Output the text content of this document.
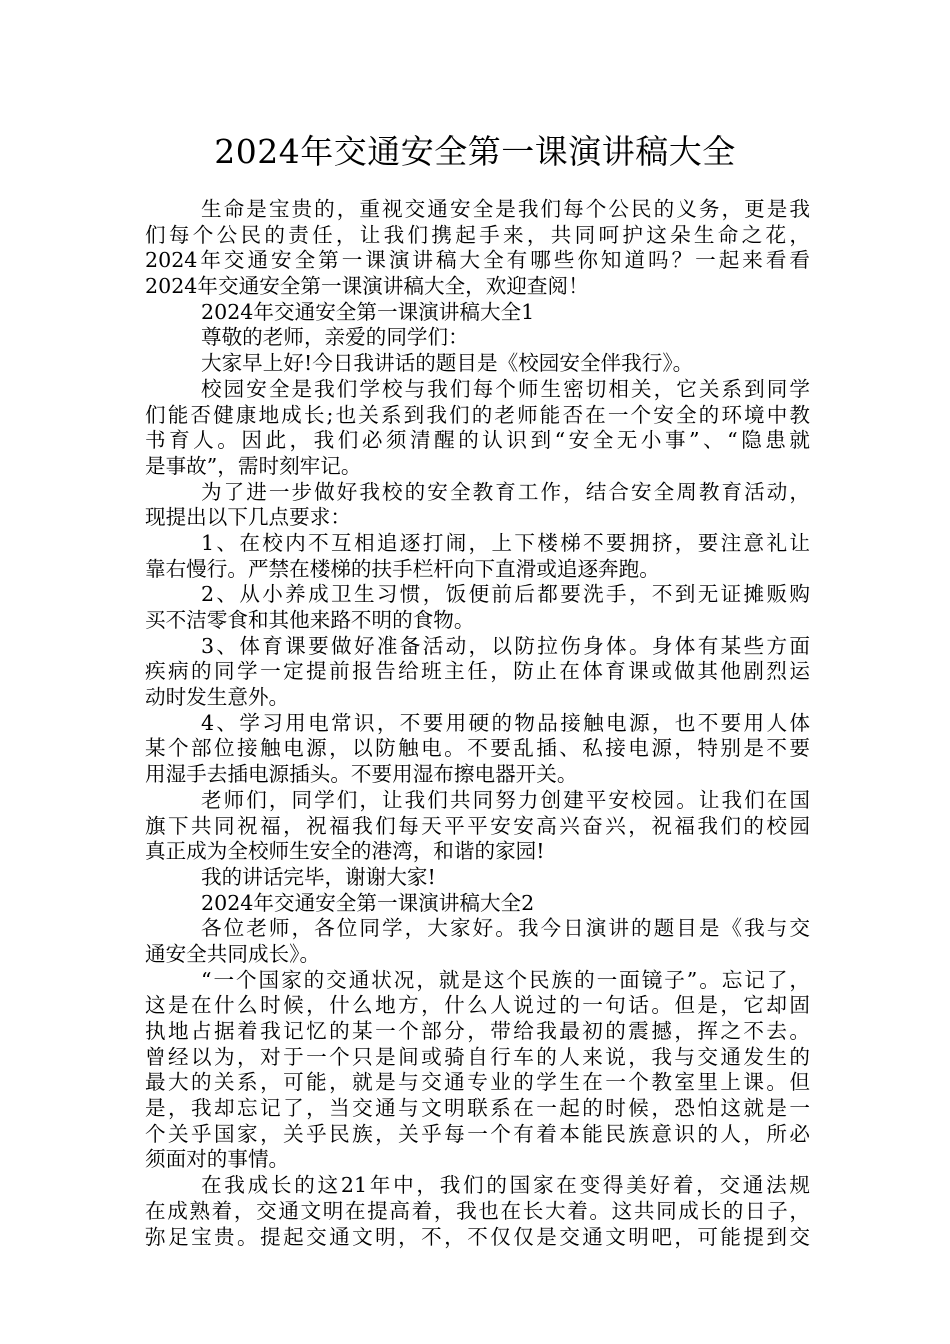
2024年交通安全第一课演讲稿大全
生命是宝贵的，重视交通安全是我们每个公民的义务，更是我
们每个公民的责任，让我们携起手来，共同呵护这朵生命之花，
2024年交通安全第一课演讲稿大全有哪些你知道吗？一起来看看
2024年交通安全第一课演讲稿大全，欢迎查阅！
2024年交通安全第一课演讲稿大全1
尊敬的老师，亲爱的同学们：
大家早上好!今日我讲话的题目是《校园安全伴我行》。
校园安全是我们学校与我们每个师生密切相关，它关系到同学
们能否健康地成长;也关系到我们的老师能否在一个安全的环境中教
书育人。因此，我们必须清醒的认识到“安全无小事”、“隐患就
是事故”，需时刻牢记。
为了进一步做好我校的安全教育工作，结合安全周教育活动，
现提出以下几点要求：
1、在校内不互相追逐打闹，上下楼梯不要拥挤，要注意礼让
靠右慢行。严禁在楼梯的扶手栏杆向下直滑或追逐奔跑。
2、从小养成卫生习惯，饭便前后都要洗手，不到无证摊贩购
买不洁零食和其他来路不明的食物。
3、体育课要做好准备活动，以防拉伤身体。身体有某些方面
疾病的同学一定提前报告给班主任，防止在体育课或做其他剧烈运
动时发生意外。
4、学习用电常识，不要用硬的物品接触电源，也不要用人体
某个部位接触电源，以防触电。不要乱插、私接电源，特别是不要
用湿手去插电源插头。不要用湿布擦电器开关。
老师们，同学们，让我们共同努力创建平安校园。让我们在国
旗下共同祝福，祝福我们每天平平安安高兴奋兴，祝福我们的校园
真正成为全校师生安全的港湾，和谐的家园!
我的讲话完毕，谢谢大家!
2024年交通安全第一课演讲稿大全2
各位老师，各位同学，大家好。我今日演讲的题目是《我与交
通安全共同成长》。
“一个国家的交通状况，就是这个民族的一面镜子”。忘记了，
这是在什么时候，什么地方，什么人说过的一句话。但是，它却固
执地占据着我记忆的某一个部分，带给我最初的震撼，挥之不去。
曾经以为，对于一个只是间或骑自行车的人来说，我与交通发生的
最大的关系，可能，就是与交通专业的学生在一个教室里上课。但
是，我却忘记了，当交通与文明联系在一起的时候，恐怕这就是一
个关乎国家，关乎民族，关乎每一个有着本能民族意识的人，所必
须面对的事情。
在我成长的这21年中，我们的国家在变得美好着，交通法规
在成熟着，交通文明在提高着，我也在长大着。这共同成长的日子，
弥足宝贵。提起交通文明，不，不仅仅是交通文明吧，可能提到交
